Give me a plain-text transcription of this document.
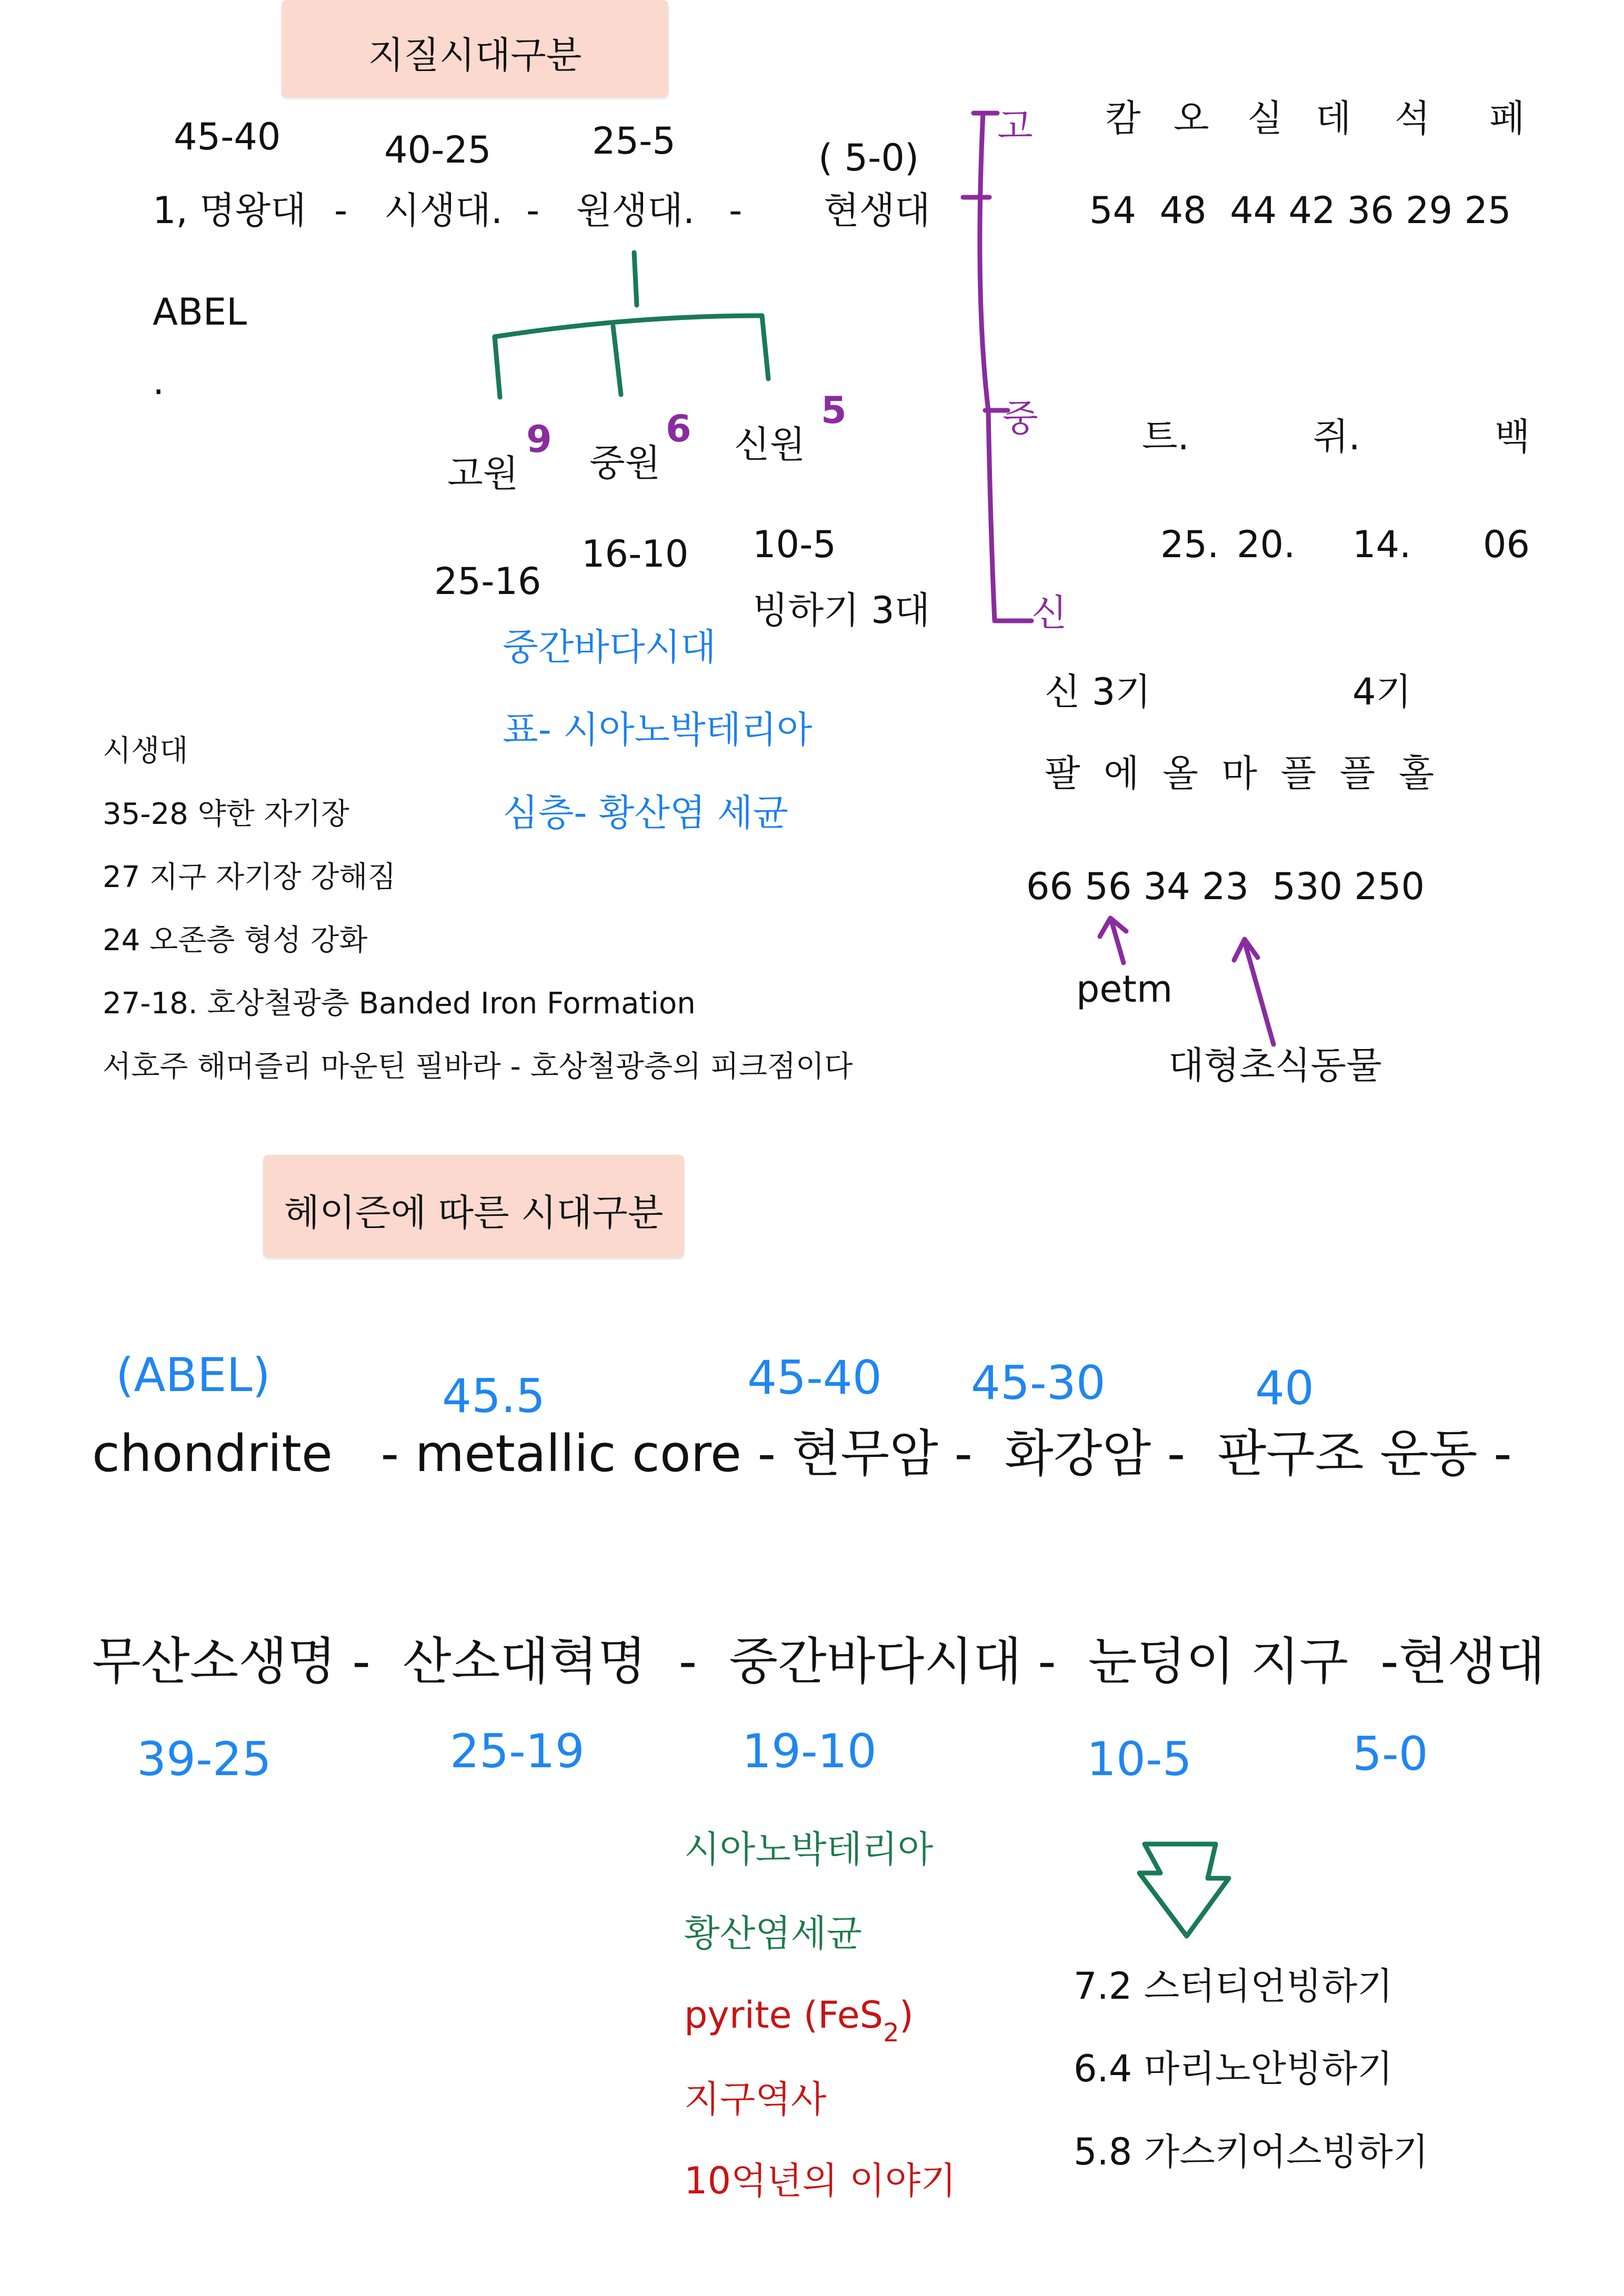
지질시대구분
45-40	40-25	25-5	( 5-0)
1, 명왕대 - 시생대. - 원생대. - 현생대
ABEL
.
고원 중원 신원
9	6	5
25-16
16-10 10-5
빙하기 3대
중간바다시대
표- 시아노박테리아
심층- 황산염 세균
시생대
35-28 약한 자기장
27 지구 자기장 강해짐
24 오존층 형성 강화
27-18. 호상철광층 Banded Iron Formation
서호주 해머즐리 마운틴 필바라 - 호상철광층의 피크점이다
고
중
신
캄 오 실 데 석 페
54  48  44 42 36 29 25
트.	쥐.	백
25. 20. 14. 06
신 3기	4기
팔  에  올  마  플  플  홀
66 56 34 23  530 250
petm
대형초식동물
헤이즌에 따른 시대구분
(ABEL)	45.5	45-40 45-30	40
chondrite   - metallic core - 현무암 -  화강암 -  판구조 운동 -
무산소생명 -  산소대혁명  -  중간바다시대 -  눈덩이 지구  -현생대
39-25	25-19	19-10	10-5	5-0
시아노박테리아
황산염세균
pyrite (FeS$_2$)
지구역사
10억년의 이야기
7.2 스터티언빙하기
6.4 마리노안빙하기
5.8 가스키어스빙하기
